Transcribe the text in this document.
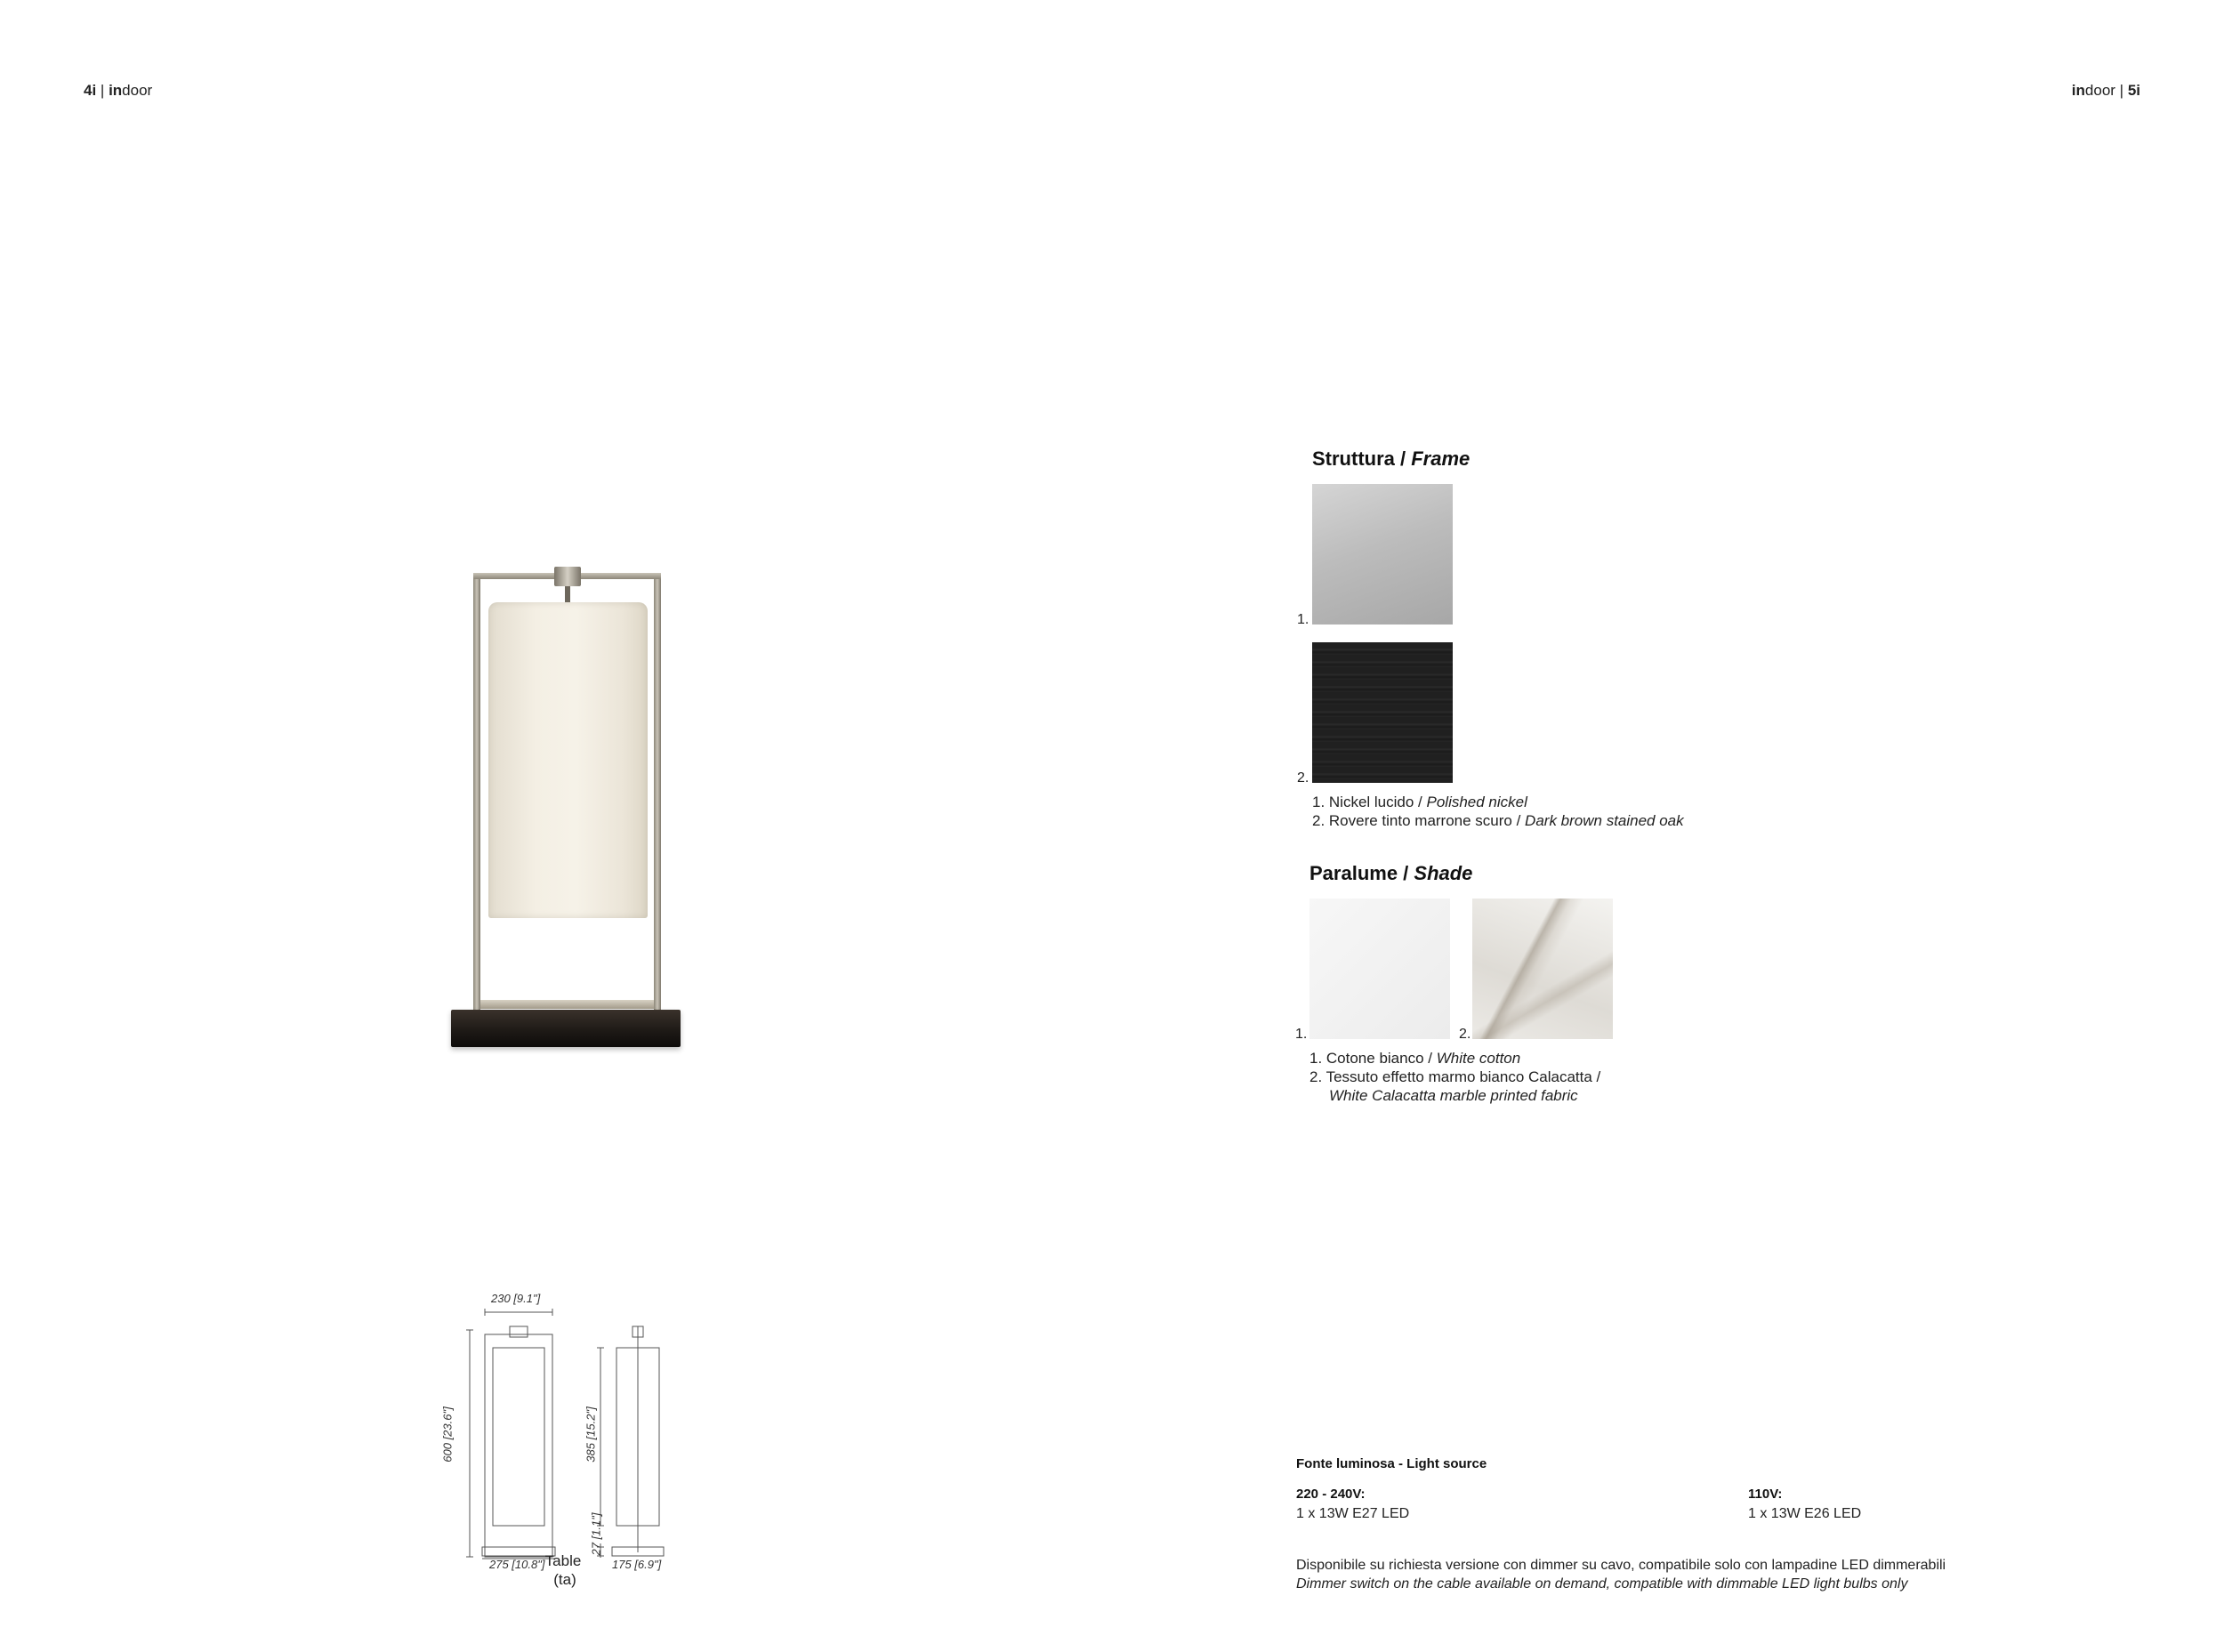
4i | indoor	indoor | 5i
Struttura / Frame
1.
2.
1. Nickel lucido / Polished nickel
2. Rovere tinto marrone scuro / Dark brown stained oak
Paralume / Shade
1.	2.
1. Cotone bianco / White cotton
2. Tessuto effetto marmo bianco Calacatta /
White Calacatta marble printed fabric
Fonte luminosa - Light source
220 - 240V:
1 x 13W E27 LED
110V:
1 x 13W E26 LED
Disponibile su richiesta versione con dimmer su cavo, compatibile solo con lampadine LED dimmerabili
Dimmer switch on the cable available on demand, compatible with dimmable LED light bulbs only
230 [9.1"]
600 [23.6"]
275 [10.8"]
385 [15.2"]
27 [1.1"]
175 [6.9"]
Table
(ta)
